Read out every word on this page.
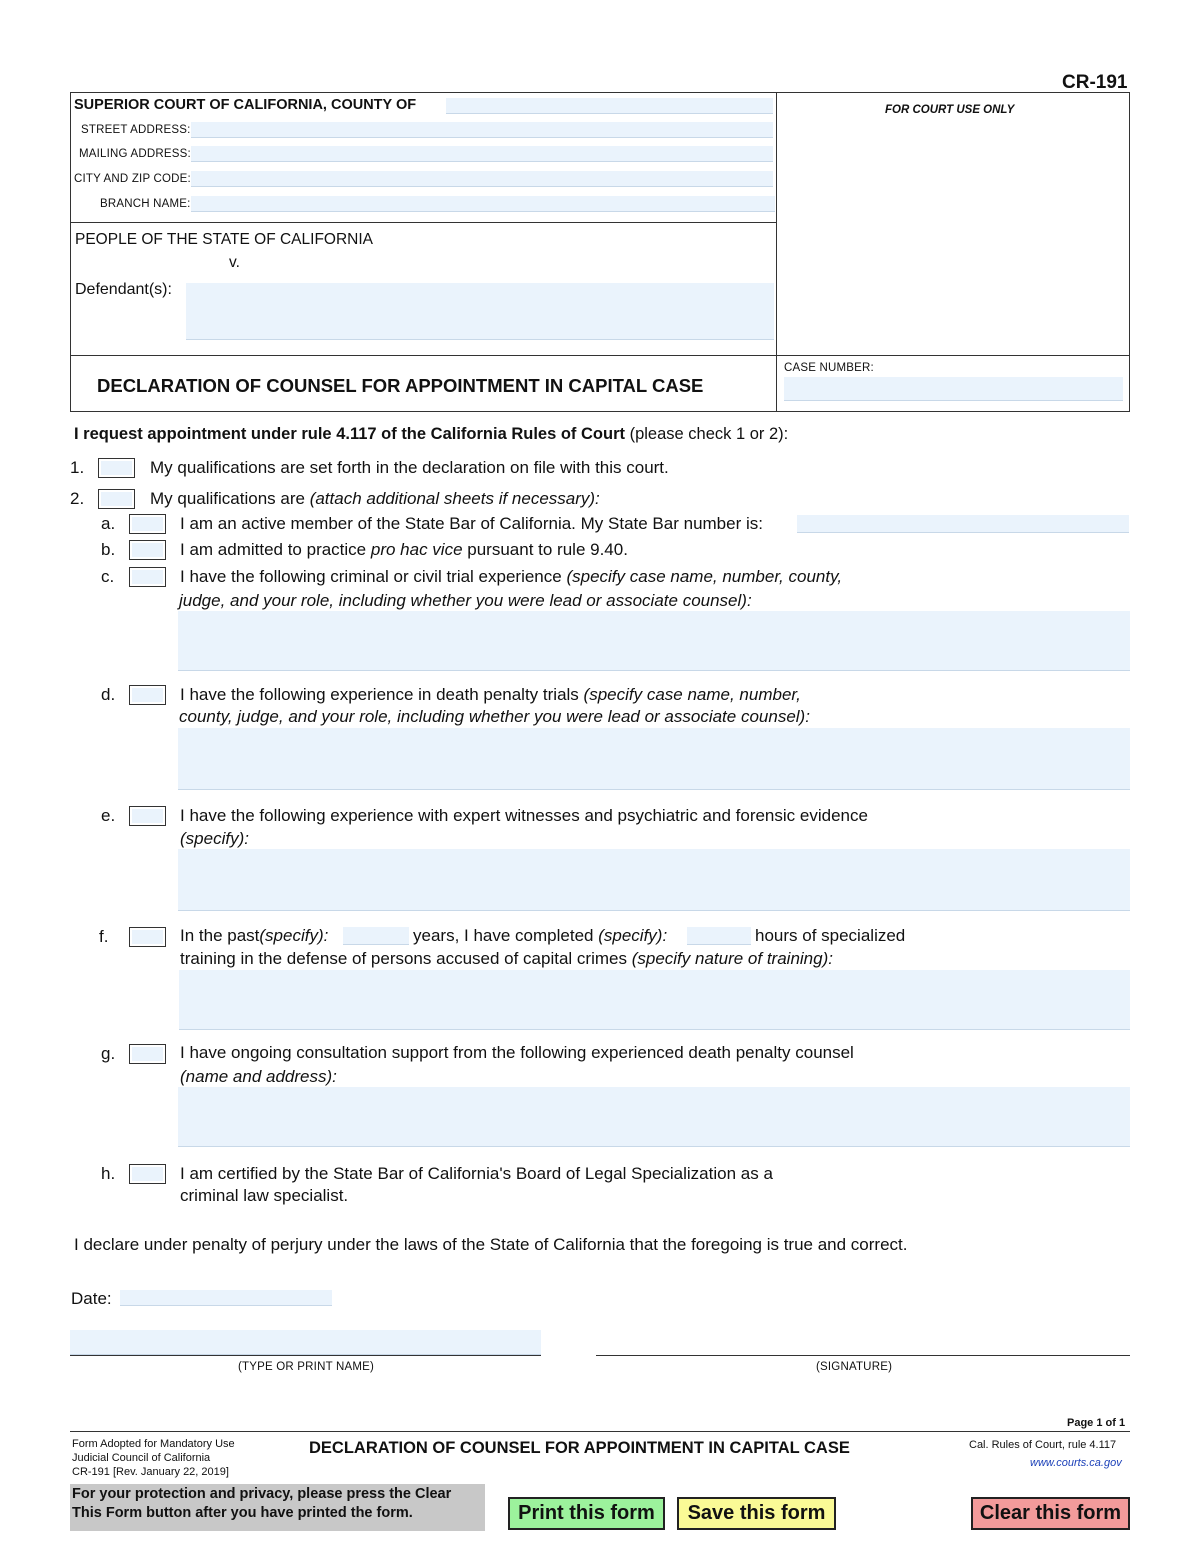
CR-191
SUPERIOR COURT OF CALIFORNIA, COUNTY OF
STREET ADDRESS:
MAILING ADDRESS:
CITY AND ZIP CODE:
BRANCH NAME:
FOR COURT USE ONLY
PEOPLE OF THE STATE OF CALIFORNIA
v.
Defendant(s):
DECLARATION OF COUNSEL FOR APPOINTMENT IN CAPITAL CASE
CASE NUMBER:
I request appointment under rule 4.117 of the California Rules of Court (please check 1 or 2):
1.	My qualifications are set forth in the declaration on file with this court.
2.	My qualifications are (attach additional sheets if necessary):
a.	I am an active member of the State Bar of California. My State Bar number is:
b.	I am admitted to practice pro hac vice pursuant to rule 9.40.
c.	I have the following criminal or civil trial experience (specify case name, number, county,
judge, and your role, including whether you were lead or associate counsel):
d.	I have the following experience in death penalty trials (specify case name, number,
county, judge, and your role, including whether you were lead or associate counsel):
e.	I have the following experience with expert witnesses and psychiatric and forensic evidence
(specify):
f.	In the past(specify):	years, I have completed (specify):	hours of specialized
training in the defense of persons accused of capital crimes (specify nature of training):
g.	I have ongoing consultation support from the following experienced death penalty counsel
(name and address):
h.	I am certified by the State Bar of California's Board of Legal Specialization as a
criminal law specialist.
I declare under penalty of perjury under the laws of the State of California that the foregoing is true and correct.
Date:
(TYPE OR PRINT NAME)	(SIGNATURE)
Page 1 of 1
Form Adopted for Mandatory Use
Judicial Council of California
CR-191 [Rev. January 22, 2019]
DECLARATION OF COUNSEL FOR APPOINTMENT IN CAPITAL CASE	Cal. Rules of Court, rule 4.117
www.courts.ca.gov
For your protection and privacy, please press the Clear
This Form button after you have printed the form.	Print this form	Save this form	Clear this form
